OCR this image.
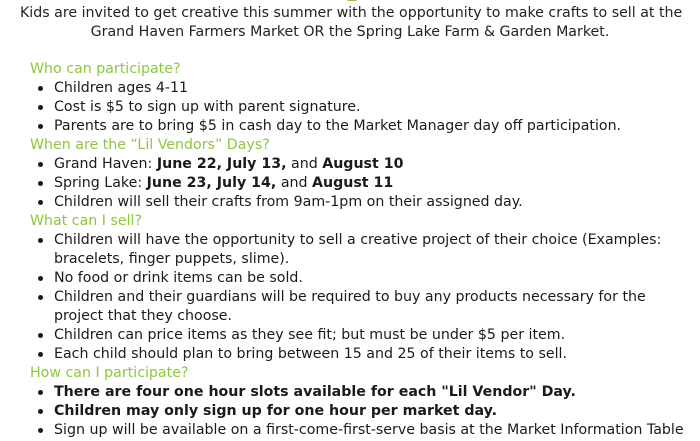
Kids are invited to get creative this summer with the opportunity to make crafts to sell at the
Grand Haven Farmers Market OR the Spring Lake Farm & Garden Market.
Who can participate?
Children ages 4-11
Cost is $5 to sign up with parent signature.
Parents are to bring $5 in cash day to the Market Manager day off participation.
When are the “Lil Vendors” Days?
Grand Haven: June 22, July 13, and August 10
Spring Lake: June 23, July 14, and August 11
Children will sell their crafts from 9am-1pm on their assigned day.
What can I sell?
Children will have the opportunity to sell a creative project of their choice (Examples: bracelets, finger puppets, slime).
No food or drink items can be sold.
Children and their guardians will be required to buy any products necessary for the project that they choose.
Children can price items as they see fit; but must be under $5 per item.
Each child should plan to bring between 15 and 25 of their items to sell.
How can I participate?
There are four one hour slots available for each "Lil Vendor" Day.
Children may only sign up for one hour per market day.
Sign up will be available on a first-come-first-serve basis at the Market Information Table
